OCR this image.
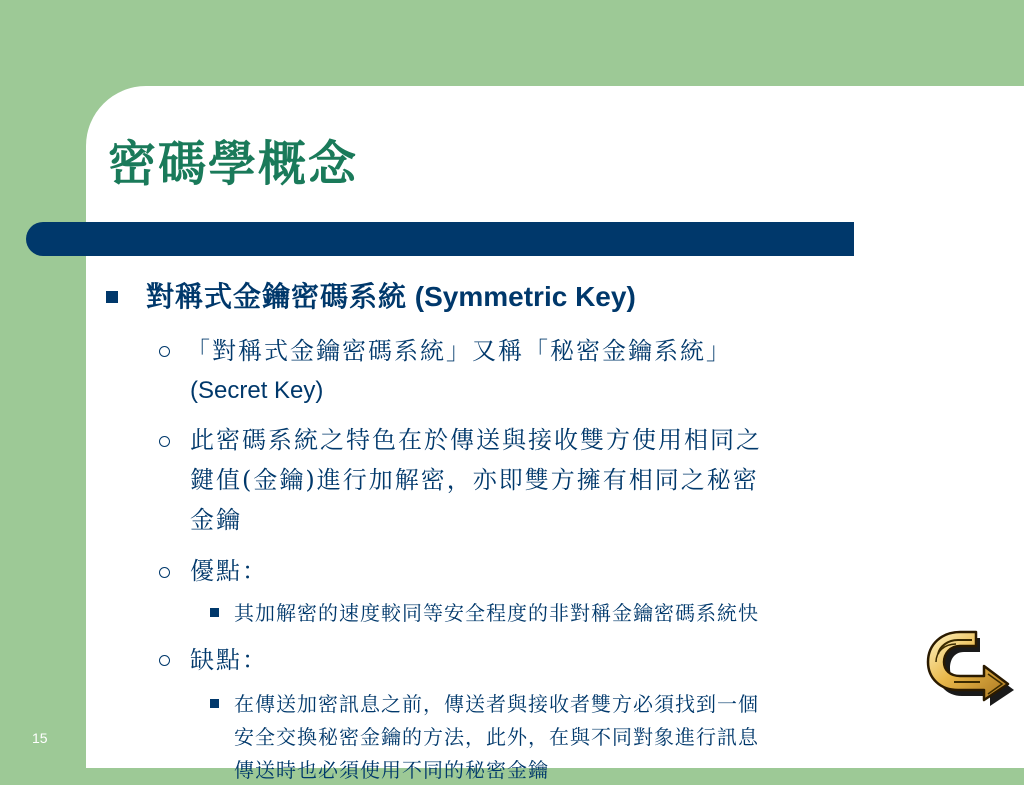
密碼學概念
對稱式金鑰密碼系統 (Symmetric Key)
「對稱式金鑰密碼系統」又稱「秘密金鑰系統」
(Secret Key)
此密碼系統之特色在於傳送與接收雙方使用相同之
鍵值(金鑰)進行加解密，亦即雙方擁有相同之秘密
金鑰
優點：
其加解密的速度較同等安全程度的非對稱金鑰密碼系統快
缺點：
在傳送加密訊息之前，傳送者與接收者雙方必須找到一個
安全交換秘密金鑰的方法，此外，在與不同對象進行訊息
傳送時也必須使用不同的秘密金鑰
15
